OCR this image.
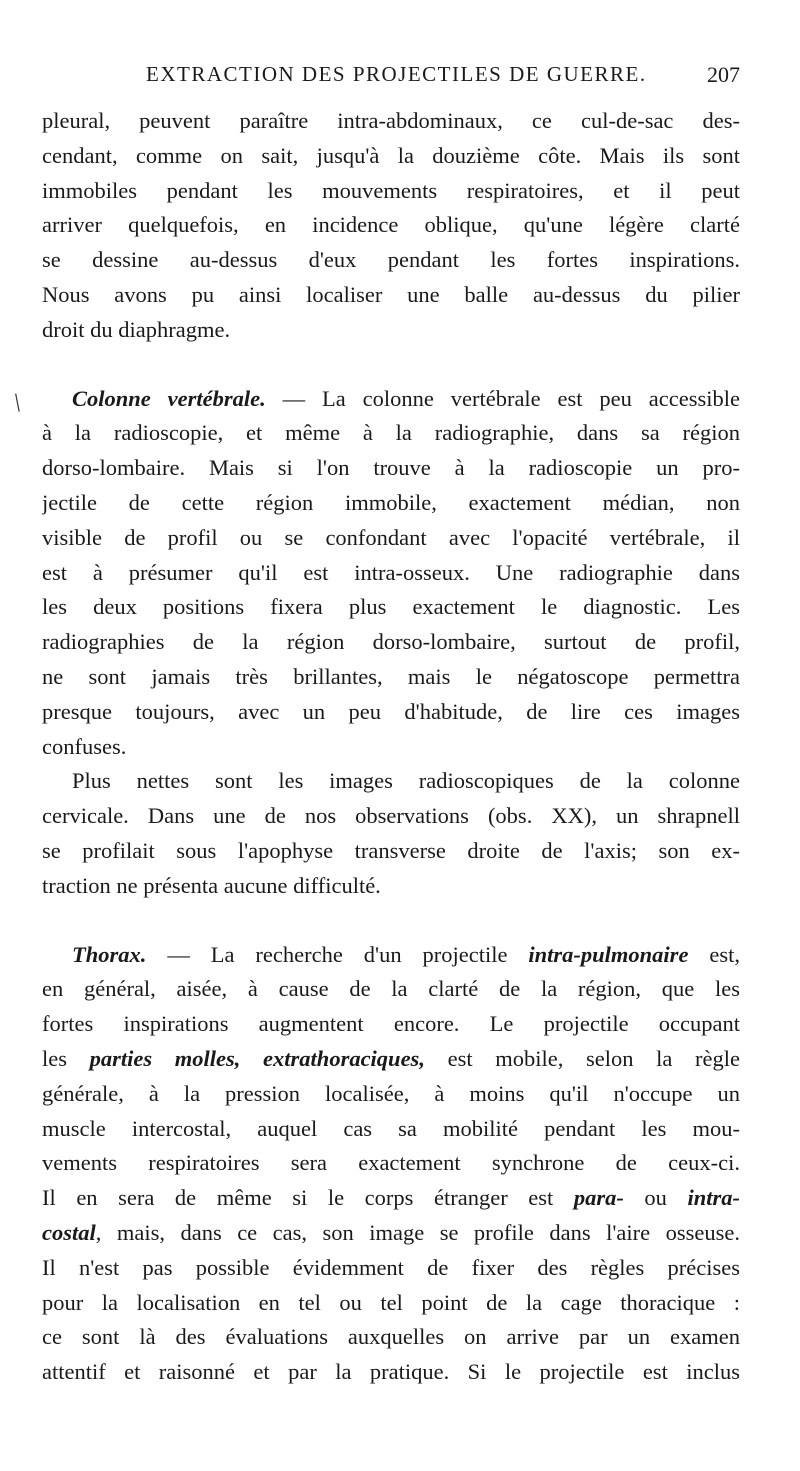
EXTRACTION DES PROJECTILES DE GUERRE.	207
/
pleural, peuvent paraître intra-abdominaux, ce cul-de-sac des-
cendant, comme on sait, jusqu'à la douzième côte. Mais ils sont
immobiles pendant les mouvements respiratoires, et il peut
arriver quelquefois, en incidence oblique, qu'une légère clarté
se dessine au-dessus d'eux pendant les fortes inspirations.
Nous avons pu ainsi localiser une balle au-dessus du pilier
droit du diaphragme.
Colonne vertébrale. — La colonne vertébrale est peu accessible
à la radioscopie, et même à la radiographie, dans sa région
dorso-lombaire. Mais si l'on trouve à la radioscopie un pro-
jectile de cette région immobile, exactement médian, non
visible de profil ou se confondant avec l'opacité vertébrale, il
est à présumer qu'il est intra-osseux. Une radiographie dans
les deux positions fixera plus exactement le diagnostic. Les
radiographies de la région dorso-lombaire, surtout de profil,
ne sont jamais très brillantes, mais le négatoscope permettra
presque toujours, avec un peu d'habitude, de lire ces images
confuses.
Plus nettes sont les images radioscopiques de la colonne
cervicale. Dans une de nos observations (obs. XX), un shrapnell
se profilait sous l'apophyse transverse droite de l'axis; son ex-
traction ne présenta aucune difficulté.
Thorax. — La recherche d'un projectile intra-pulmonaire est,
en général, aisée, à cause de la clarté de la région, que les
fortes inspirations augmentent encore. Le projectile occupant
les parties molles, extrathoraciques, est mobile, selon la règle
générale, à la pression localisée, à moins qu'il n'occupe un
muscle intercostal, auquel cas sa mobilité pendant les mou-
vements respiratoires sera exactement synchrone de ceux-ci.
Il en sera de même si le corps étranger est para- ou intra-
costal, mais, dans ce cas, son image se profile dans l'aire osseuse.
Il n'est pas possible évidemment de fixer des règles précises
pour la localisation en tel ou tel point de la cage thoracique :
ce sont là des évaluations auxquelles on arrive par un examen
attentif et raisonné et par la pratique. Si le projectile est inclus
